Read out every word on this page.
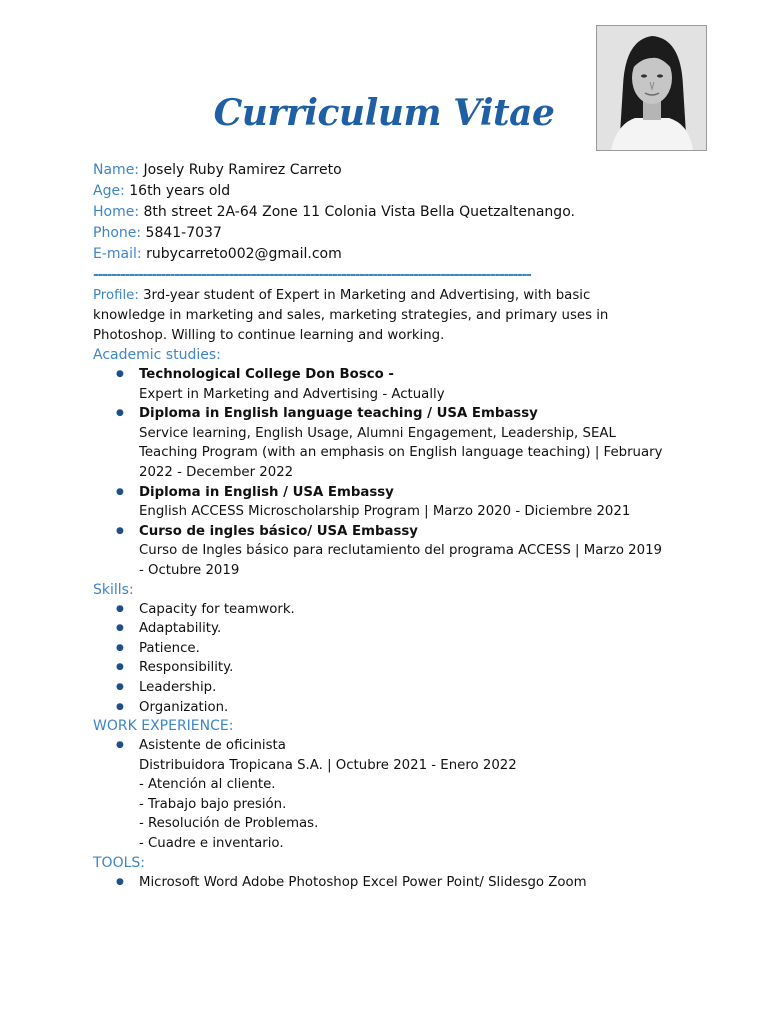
Curriculum Vitae
Name: Josely Ruby Ramirez Carreto
Age: 16th years old
Home: 8th street 2A-64 Zone 11 Colonia Vista Bella Quetzaltenango.
Phone: 5841-7037
E-mail: rubycarreto002@gmail.com
-------------------------------------------------------------------------------------------------
Profile: 3rd-year student of Expert in Marketing and Advertising, with basic knowledge in marketing and sales, marketing strategies, and primary uses in Photoshop. Willing to continue learning and working.
Academic studies:
● Technological College Don Bosco -
Expert in Marketing and Advertising - Actually
● Diploma in English language teaching / USA Embassy
Service learning, English Usage, Alumni Engagement, Leadership, SEAL Teaching Program (with an emphasis on English language teaching) | February 2022 - December 2022
● Diploma in English / USA Embassy
English ACCESS Microscholarship Program | Marzo 2020 - Diciembre 2021
● Curso de ingles básico/ USA Embassy
Curso de Ingles básico para reclutamiento del programa ACCESS | Marzo 2019 - Octubre 2019
Skills:
● Capacity for teamwork.
● Adaptability.
● Patience.
● Responsibility.
● Leadership.
● Organization.
WORK EXPERIENCE:
● Asistente de oficinista
Distribuidora Tropicana S.A. | Octubre 2021 - Enero 2022
- Atención al cliente.
- Trabajo bajo presión.
- Resolución de Problemas.
- Cuadre e inventario.
TOOLS:
● Microsoft Word Adobe Photoshop Excel Power Point/ Slidesgo Zoom
